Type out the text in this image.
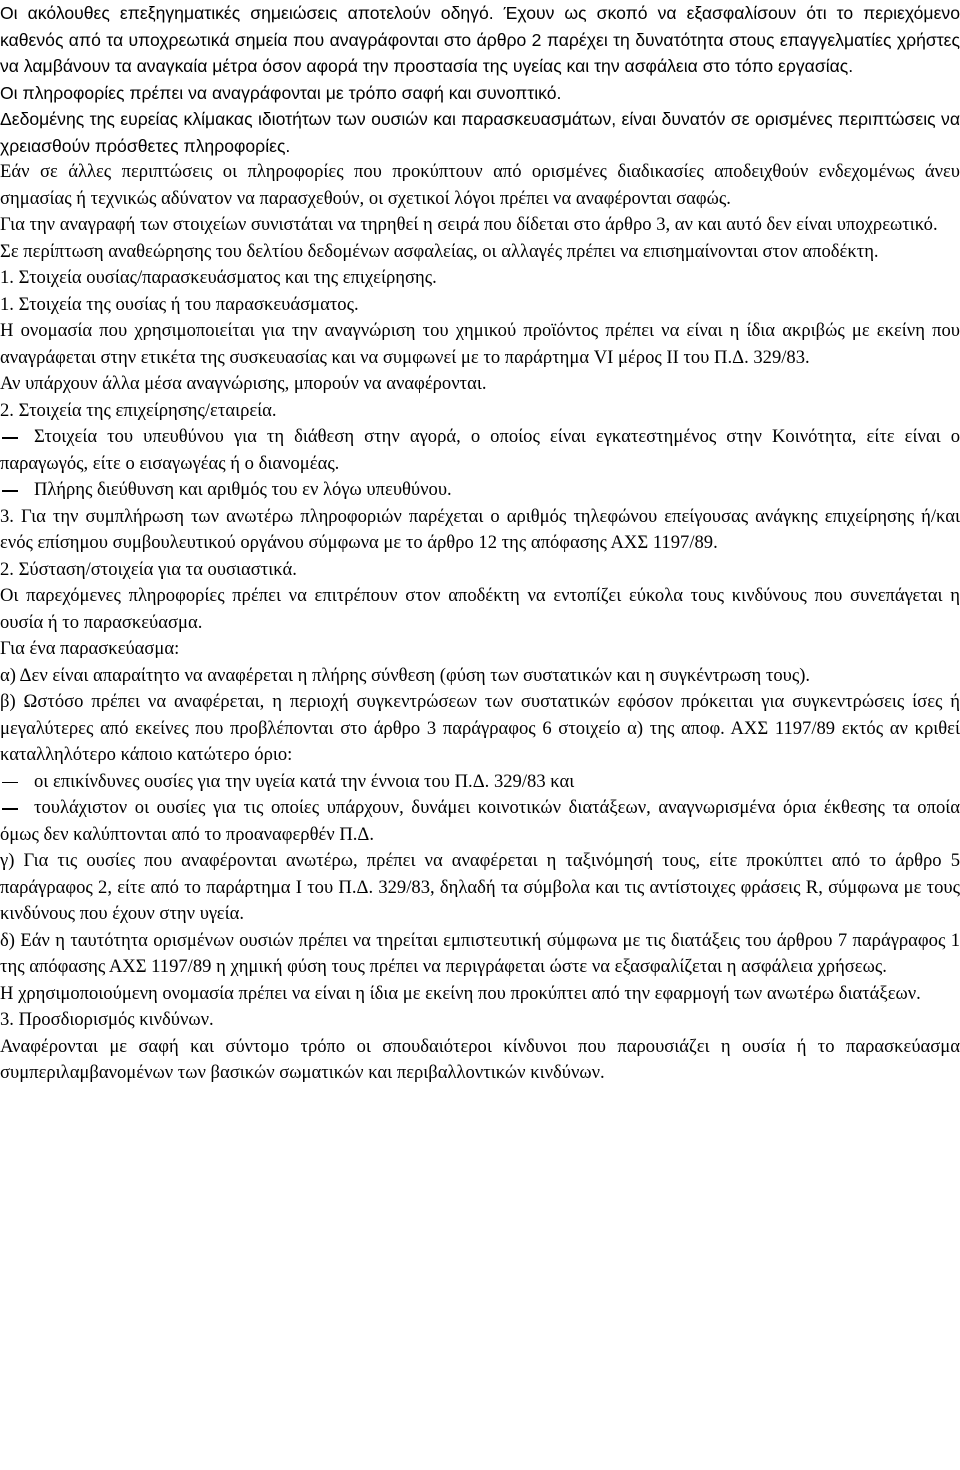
Οι ακόλουθες επεξηγηματικές σημειώσεις αποτελούν οδηγό. Έχουν ως σκοπό να εξασφαλίσουν ότι το περιεχόμενο καθενός από τα υποχρεωτικά σημεία που αναγράφονται στο άρθρο 2 παρέχει τη δυνατότητα στους επαγγελματίες χρήστες να λαμβάνουν τα αναγκαία μέτρα όσον αφορά την προστασία της υγείας και την ασφάλεια στο τόπο εργασίας.

Οι πληροφορίες πρέπει να αναγράφονται με τρόπο σαφή και συνοπτικό.

Δεδομένης της ευρείας κλίμακας ιδιοτήτων των ουσιών και παρασκευασμάτων, είναι δυνατόν σε ορισμένες περιπτώσεις να χρειασθούν πρόσθετες πληροφορίες.

Εάν σε άλλες περιπτώσεις οι πληροφορίες που προκύπτουν από ορισμένες διαδικασίες αποδειχθούν ενδεχομένως άνευ σημασίας ή τεχνικώς αδύνατον να παρασχεθούν, οι σχετικοί λόγοι πρέπει να αναφέρονται σαφώς.

Για την αναγραφή των στοιχείων συνιστάται να τηρηθεί η σειρά που δίδεται στο άρθρο 3, αν και αυτό δεν είναι υποχρεωτικό.

Σε περίπτωση αναθεώρησης του δελτίου δεδομένων ασφαλείας, οι αλλαγές πρέπει να επισημαίνονται στον αποδέκτη.

1. Στοιχεία ουσίας/παρασκευάσματος και της επιχείρησης.

1. Στοιχεία της ουσίας ή του παρασκευάσματος.

Η ονομασία που χρησιμοποιείται για την αναγνώριση του χημικού προϊόντος πρέπει να είναι η ίδια ακριβώς με εκείνη που αναγράφεται στην ετικέτα της συσκευασίας και να συμφωνεί με το παράρτημα VI μέρος II του Π.Δ. 329/83.

Αν υπάρχουν άλλα μέσα αναγνώρισης, μπορούν να αναφέρονται.

2. Στοιχεία της επιχείρησης/εταιρεία.

Στοιχεία του υπευθύνου για τη διάθεση στην αγορά, ο οποίος είναι εγκατεστημένος στην Κοινότητα, είτε είναι ο παραγωγός, είτε ο εισαγωγέας ή ο διανομέας.

Πλήρης διεύθυνση και αριθμός του εν λόγω υπευθύνου.

3. Για την συμπλήρωση των ανωτέρω πληροφοριών παρέχεται ο αριθμός τηλεφώνου επείγουσας ανάγκης επιχείρησης ή/και ενός επίσημου συμβουλευτικού οργάνου σύμφωνα με το άρθρο 12 της απόφασης ΑΧΣ 1197/89.

2. Σύσταση/στοιχεία για τα ουσιαστικά.

Οι παρεχόμενες πληροφορίες πρέπει να επιτρέπουν στον αποδέκτη να εντοπίζει εύκολα τους κινδύνους που συνεπάγεται η ουσία ή το παρασκεύασμα.

Για ένα παρασκεύασμα:

α) Δεν είναι απαραίτητο να αναφέρεται η πλήρης σύνθεση (φύση των συστατικών και η συγκέντρωση τους).

β) Ωστόσο πρέπει να αναφέρεται, η περιοχή συγκεντρώσεων των συστατικών εφόσον πρόκειται για συγκεντρώσεις ίσες ή μεγαλύτερες από εκείνες που προβλέπονται στο άρθρο 3 παράγραφος 6 στοιχείο α) της αποφ. ΑΧΣ 1197/89 εκτός αν κριθεί καταλληλότερο κάποιο κατώτερο όριο:

οι επικίνδυνες ουσίες για την υγεία κατά την έννοια του Π.Δ. 329/83 και

τουλάχιστον οι ουσίες για τις οποίες υπάρχουν, δυνάμει κοινοτικών διατάξεων, αναγνωρισμένα όρια έκθεσης τα οποία όμως δεν καλύπτονται από το προαναφερθέν Π.Δ.

γ) Για τις ουσίες που αναφέρονται ανωτέρω, πρέπει να αναφέρεται η ταξινόμησή τους, είτε προκύπτει από το άρθρο 5 παράγραφος 2, είτε από το παράρτημα I του Π.Δ. 329/83, δηλαδή τα σύμβολα και τις αντίστοιχες φράσεις R, σύμφωνα με τους κινδύνους που έχουν στην υγεία.

δ) Εάν η ταυτότητα ορισμένων ουσιών πρέπει να τηρείται εμπιστευτική σύμφωνα με τις διατάξεις του άρθρου 7 παράγραφος 1 της απόφασης ΑΧΣ 1197/89 η χημική φύση τους πρέπει να περιγράφεται ώστε να εξασφαλίζεται η ασφάλεια χρήσεως.

Η χρησιμοποιούμενη ονομασία πρέπει να είναι η ίδια με εκείνη που προκύπτει από την εφαρμογή των ανωτέρω διατάξεων.

3. Προσδιορισμός κινδύνων.

Αναφέρονται με σαφή και σύντομο τρόπο οι σπουδαιότεροι κίνδυνοι που παρουσιάζει η ουσία ή το παρασκεύασμα συμπεριλαμβανομένων των βασικών σωματικών και περιβαλλοντικών κινδύνων.
